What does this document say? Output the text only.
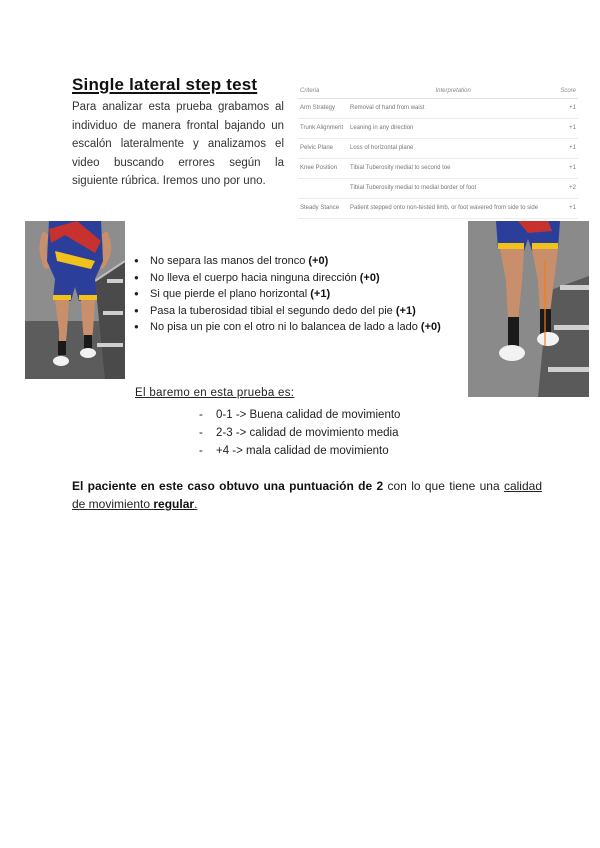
Single lateral step test
Para analizar esta prueba grabamos al individuo de manera frontal bajando un escalón lateralmente y analizamos el video buscando errores según la siguiente rúbrica. Iremos uno por uno.
Criteria	Interpretation	Score
Arm Strategy	Removal of hand from waist	+1
Trunk Alignment	Leaning in any direction	+1
Pelvic Plane	Loss of horizontal plane	+1
Knee Position	Tibial Tuberosity medial to second toe	+1
	Tibial Tuberosity medial to medial border of foot	+2
Steady Stance	Patient stepped onto non-tested limb, or foot wavered from side to side	+1
● No separa las manos del tronco (+0)
● No lleva el cuerpo hacia ninguna dirección (+0)
● Si que pierde el plano horizontal (+1)
● Pasa la tuberosidad tibial el segundo dedo del pie (+1)
● No pisa un pie con el otro ni lo balancea de lado a lado (+0)
El baremo en esta prueba es:
- 0-1 -> Buena calidad de movimiento
- 2-3 -> calidad de movimiento media
- +4 -> mala calidad de movimiento
El paciente en este caso obtuvo una puntuación de 2 con lo que tiene una calidad de movimiento regular.
